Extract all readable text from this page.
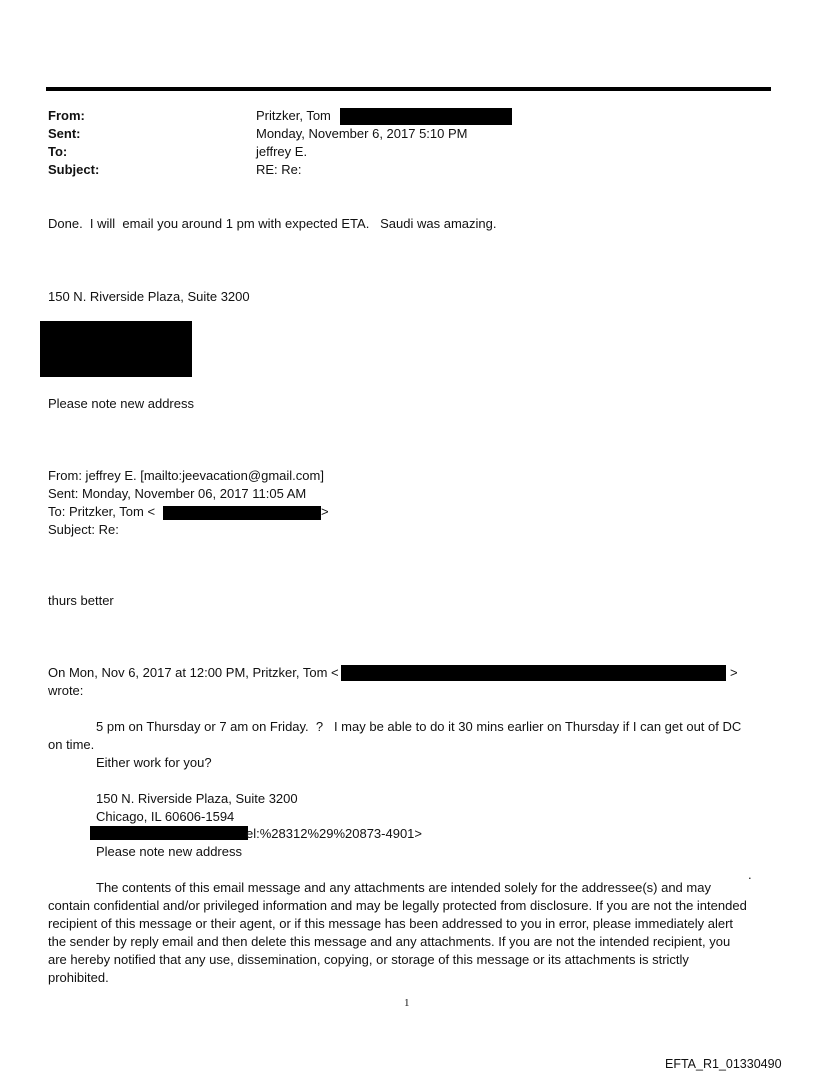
From:
Sent:
To:
Subject:
Pritzker, Tom
Monday, November 6, 2017 5:10 PM
jeffrey E.
RE: Re:
Done.  I will  email you around 1 pm with expected ETA.   Saudi was amazing.
150 N. Riverside Plaza, Suite 3200
Please note new address
From: jeffrey E. [mailto:jeevacation@gmail.com]
Sent: Monday, November 06, 2017 11:05 AM
To: Pritzker, Tom <	>
Subject: Re:
thurs better
On Mon, Nov 6, 2017 at 12:00 PM, Pritzker, Tom <	>
wrote:
5 pm on Thursday or 7 am on Friday.  ?   I may be able to do it 30 mins earlier on Thursday if I can get out of DC
on time.
Either work for you?
150 N. Riverside Plaza, Suite 3200
Chicago, IL 60606-1594
el:%28312%29%20873-4901>
Please note new address
.
The contents of this email message and any attachments are intended solely for the addressee(s) and may contain confidential and/or privileged information and may be legally protected from disclosure. If you are not the intended recipient of this message or their agent, or if this message has been addressed to you in error, please immediately alert the sender by reply email and then delete this message and any attachments. If you are not the intended recipient, you are hereby notified that any use, dissemination, copying, or storage of this message or its attachments is strictly prohibited.
1
EFTA_R1_01330490
